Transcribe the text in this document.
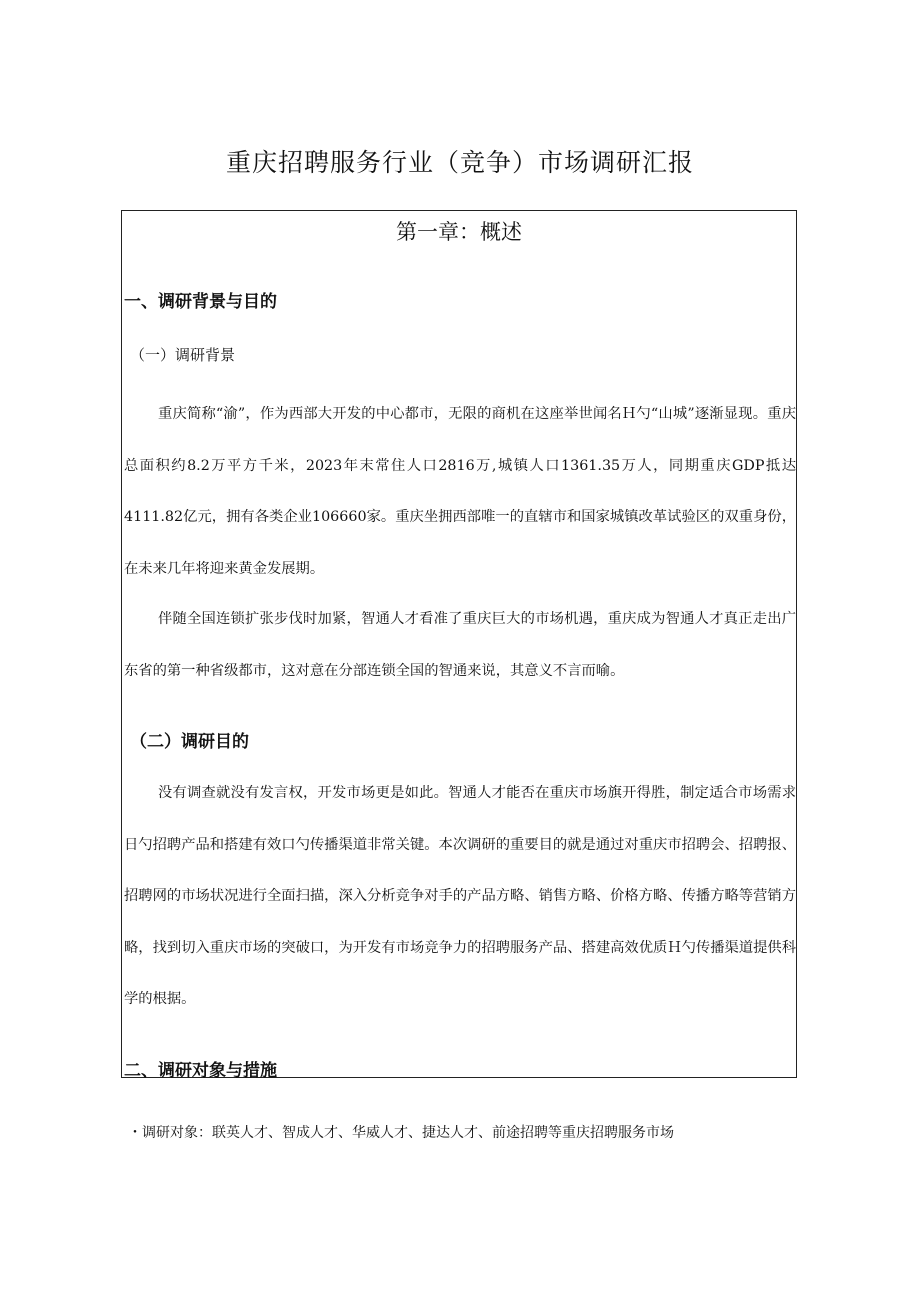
重庆招聘服务行业（竞争）市场调研汇报
第一章：概述
一、调研背景与目的
（一）调研背景

重庆简称“渝”，作为西部大开发的中心都市，无限的商机在这座举世闻名Ｈ勺“山城”逐渐显现。重庆总面积约8.2万平方千米，2023年末常住人口2816万,城镇人口1361.35万人，同期重庆GDP抵达4111.82亿元，拥有各类企业106660家。重庆坐拥西部唯一的直辖市和国家城镇改革试验区的双重身份，在未来几年将迎来黄金发展期。

伴随全国连锁扩张步伐时加紧，智通人才看准了重庆巨大的市场机遇，重庆成为智通人才真正走出广东省的第一种省级都市，这对意在分部连锁全国的智通来说，其意义不言而喻。

（二）调研目的

没有调查就没有发言权，开发市场更是如此。智通人才能否在重庆市场旗开得胜，制定适合市场需求日勺招聘产品和搭建有效口勺传播渠道非常关键。本次调研的重要目的就是通过对重庆市招聘会、招聘报、招聘网的市场状况进行全面扫描，深入分析竞争对手的产品方略、销售方略、价格方略、传播方略等营销方略，找到切入重庆市场的突破口，为开发有市场竞争力的招聘服务产品、搭建高效优质Ｈ勺传播渠道提供科学的根据。

二、调研对象与措施

・调研对象：联英人才、智成人才、华威人才、捷达人才、前途招聘等重庆招聘服务市场
